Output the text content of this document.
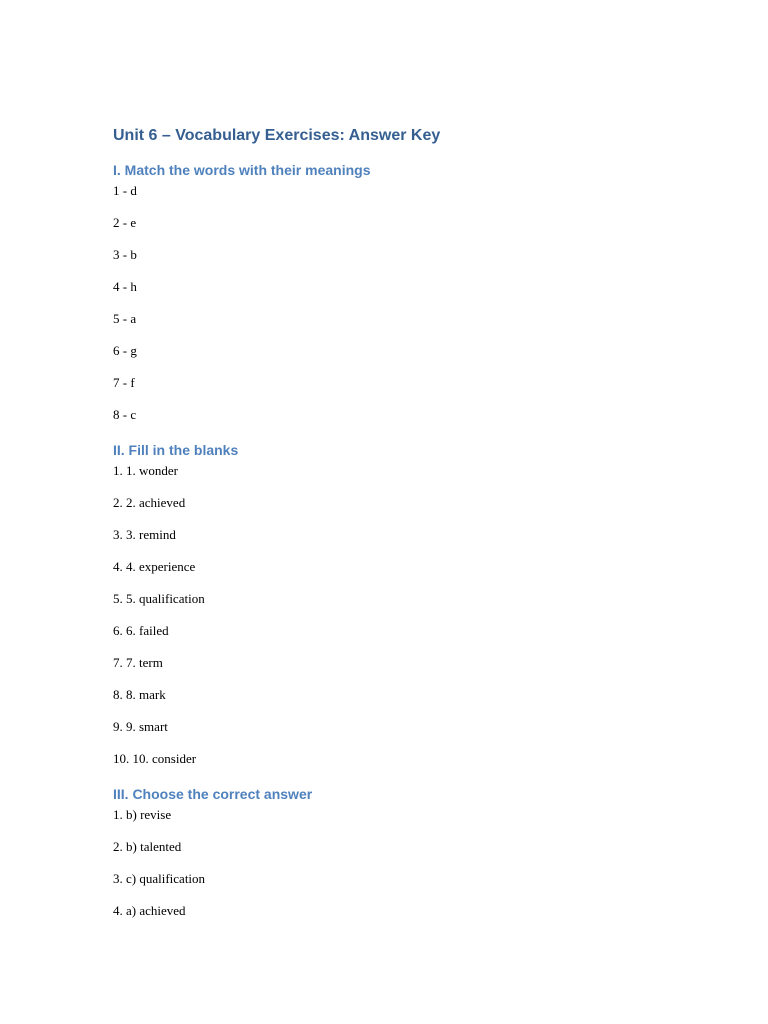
Unit 6 – Vocabulary Exercises: Answer Key
I. Match the words with their meanings
1 - d
2 - e
3 - b
4 - h
5 - a
6 - g
7 - f
8 - c
II. Fill in the blanks
1. 1. wonder
2. 2. achieved
3. 3. remind
4. 4. experience
5. 5. qualification
6. 6. failed
7. 7. term
8. 8. mark
9. 9. smart
10. 10. consider
III. Choose the correct answer
1. b) revise
2. b) talented
3. c) qualification
4. a) achieved
